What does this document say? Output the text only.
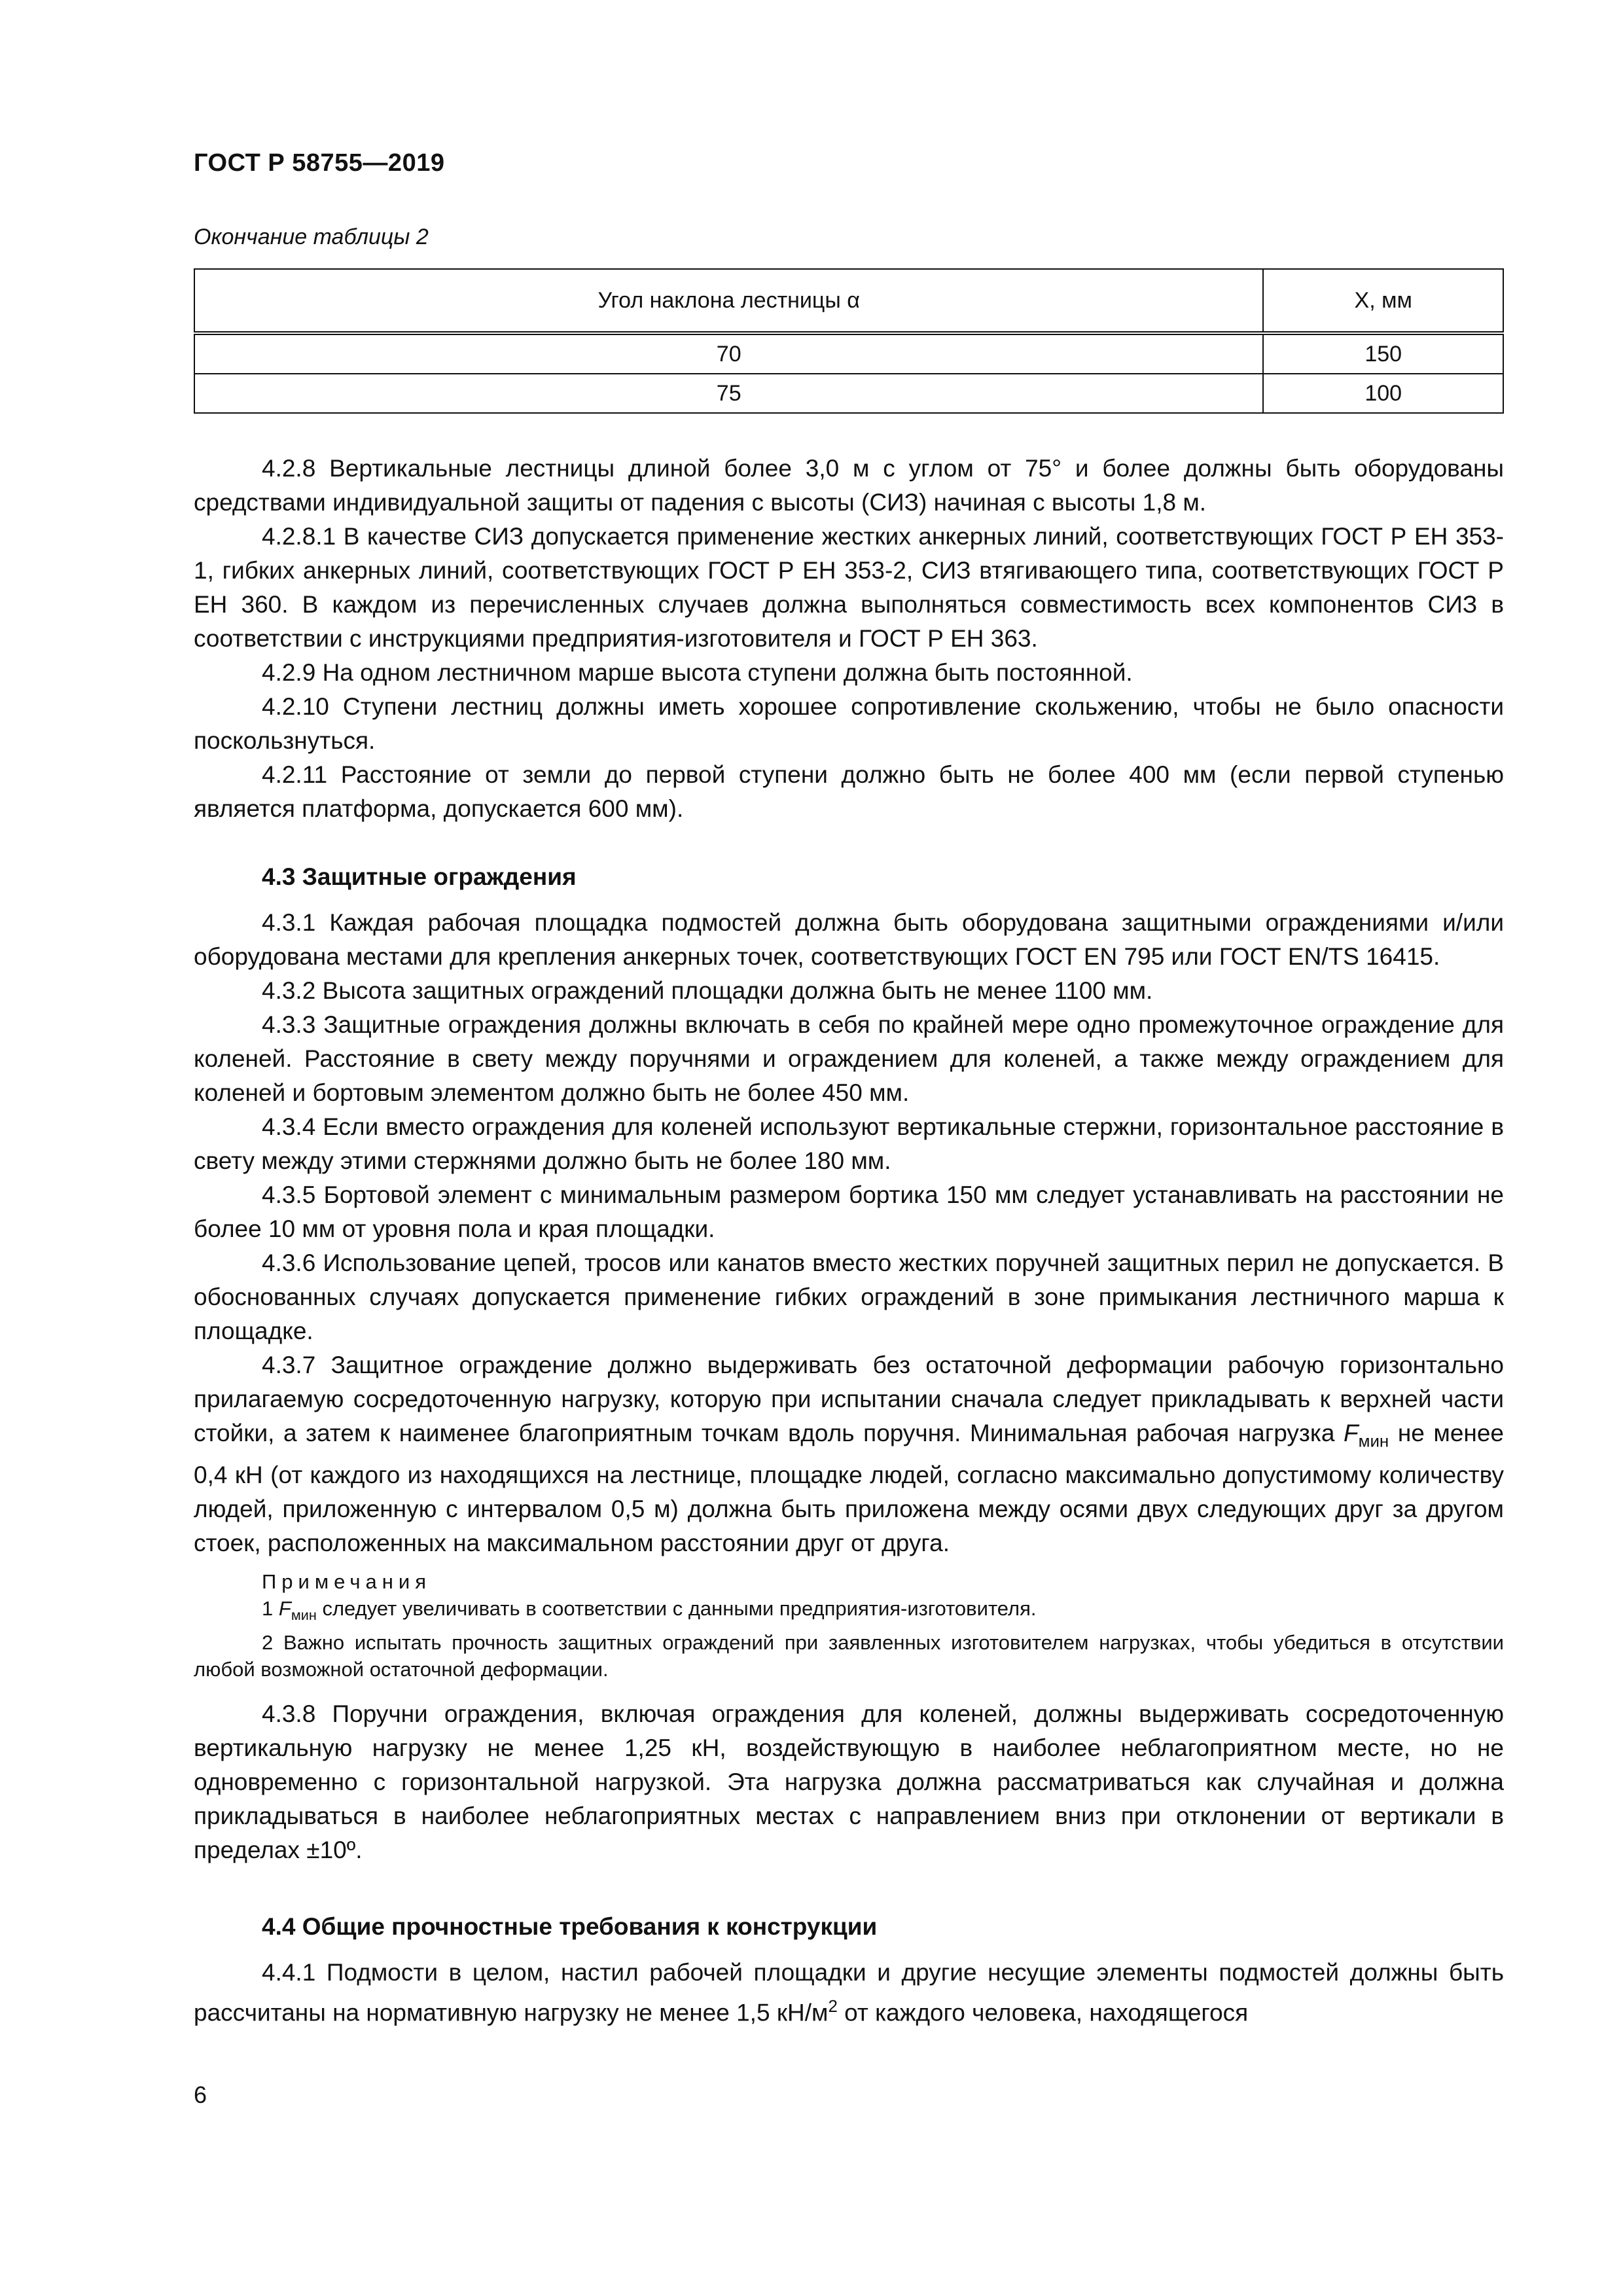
ГОСТ Р 58755—2019
Окончание таблицы 2
Угол наклона лестницы α	X, мм
70	150
75	100

4.2.8 Вертикальные лестницы длиной более 3,0 м с углом от 75° и более должны быть оборудованы средствами индивидуальной защиты от падения с высоты (СИЗ) начиная с высоты 1,8 м.

4.2.8.1 В качестве СИЗ допускается применение жестких анкерных линий, соответствующих ГОСТ Р ЕН 353-1, гибких анкерных линий, соответствующих ГОСТ Р ЕН 353-2, СИЗ втягивающего типа, соответствующих ГОСТ Р ЕН 360. В каждом из перечисленных случаев должна выполняться совместимость всех компонентов СИЗ в соответствии с инструкциями предприятия-изготовителя и ГОСТ Р ЕН 363.

4.2.9 На одном лестничном марше высота ступени должна быть постоянной.

4.2.10 Ступени лестниц должны иметь хорошее сопротивление скольжению, чтобы не было опасности поскользнуться.

4.2.11 Расстояние от земли до первой ступени должно быть не более 400 мм (если первой ступенью является платформа, допускается 600 мм).

4.3 Защитные ограждения

4.3.1 Каждая рабочая площадка подмостей должна быть оборудована защитными ограждениями и/или оборудована местами для крепления анкерных точек, соответствующих ГОСТ EN 795 или ГОСТ EN/TS 16415.

4.3.2 Высота защитных ограждений площадки должна быть не менее 1100 мм.

4.3.3 Защитные ограждения должны включать в себя по крайней мере одно промежуточное ограждение для коленей. Расстояние в свету между поручнями и ограждением для коленей, а также между ограждением для коленей и бортовым элементом должно быть не более 450 мм.

4.3.4 Если вместо ограждения для коленей используют вертикальные стержни, горизонтальное расстояние в свету между этими стержнями должно быть не более 180 мм.

4.3.5 Бортовой элемент с минимальным размером бортика 150 мм следует устанавливать на расстоянии не более 10 мм от уровня пола и края площадки.

4.3.6 Использование цепей, тросов или канатов вместо жестких поручней защитных перил не допускается. В обоснованных случаях допускается применение гибких ограждений в зоне примыкания лестничного марша к площадке.

4.3.7 Защитное ограждение должно выдерживать без остаточной деформации рабочую горизонтально прилагаемую сосредоточенную нагрузку, которую при испытании сначала следует прикладывать к верхней части стойки, а затем к наименее благоприятным точкам вдоль поручня. Минимальная рабочая нагрузка $F_{мин}$ не менее 0,4 кН (от каждого из находящихся на лестнице, площадке людей, согласно максимально допустимому количеству людей, приложенную с интервалом 0,5 м) должна быть приложена между осями двух следующих друг за другом стоек, расположенных на максимальном расстоянии друг от друга.

Примечания

1 $F_{мин}$ следует увеличивать в соответствии с данными предприятия-изготовителя.

2 Важно испытать прочность защитных ограждений при заявленных изготовителем нагрузках, чтобы убедиться в отсутствии любой возможной остаточной деформации.

4.3.8 Поручни ограждения, включая ограждения для коленей, должны выдерживать сосредоточенную вертикальную нагрузку не менее 1,25 кН, воздействующую в наиболее неблагоприятном месте, но не одновременно с горизонтальной нагрузкой. Эта нагрузка должна рассматриваться как случайная и должна прикладываться в наиболее неблагоприятных местах с направлением вниз при отклонении от вертикали в пределах ±10º.

4.4 Общие прочностные требования к конструкции

4.4.1 Подмости в целом, настил рабочей площадки и другие несущие элементы подмостей должны быть рассчитаны на нормативную нагрузку не менее 1,5 $кН/м^2$ от каждого человека, находящегося

6
